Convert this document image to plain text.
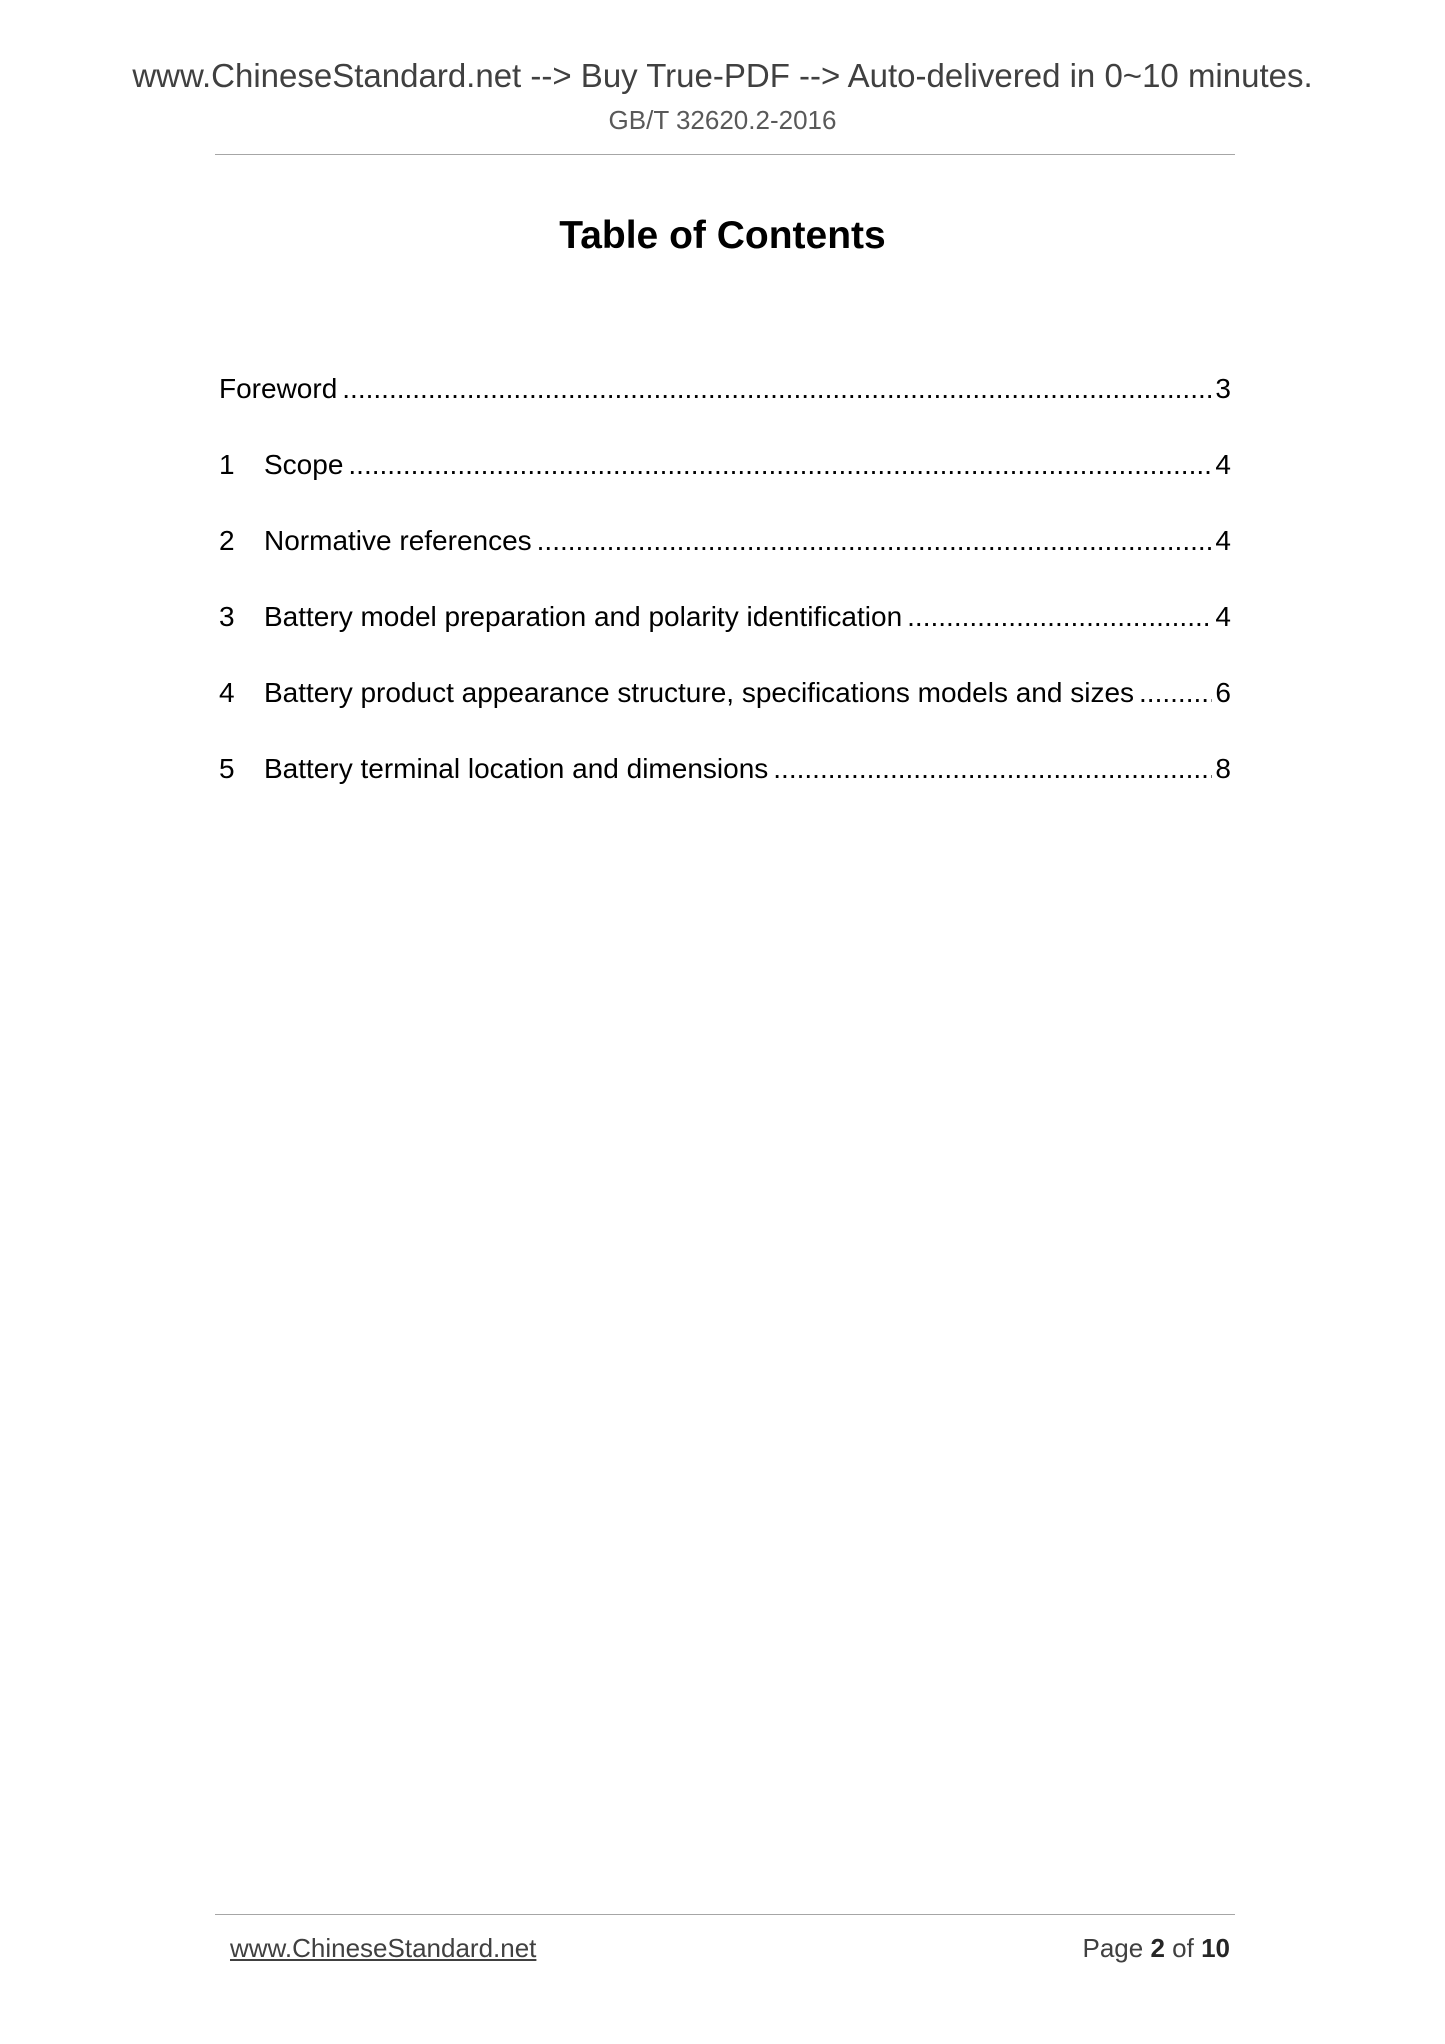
www.ChineseStandard.net --> Buy True-PDF --> Auto-delivered in 0~10 minutes.
GB/T 32620.2-2016
Table of Contents
Foreword .....	3
1	Scope .....	4
2	Normative references .....	4
3	Battery model preparation and polarity identification .....	4
4	Battery product appearance structure, specifications models and sizes .....	6
5	Battery terminal location and dimensions .....	8
www.ChineseStandard.net	Page 2 of 10
